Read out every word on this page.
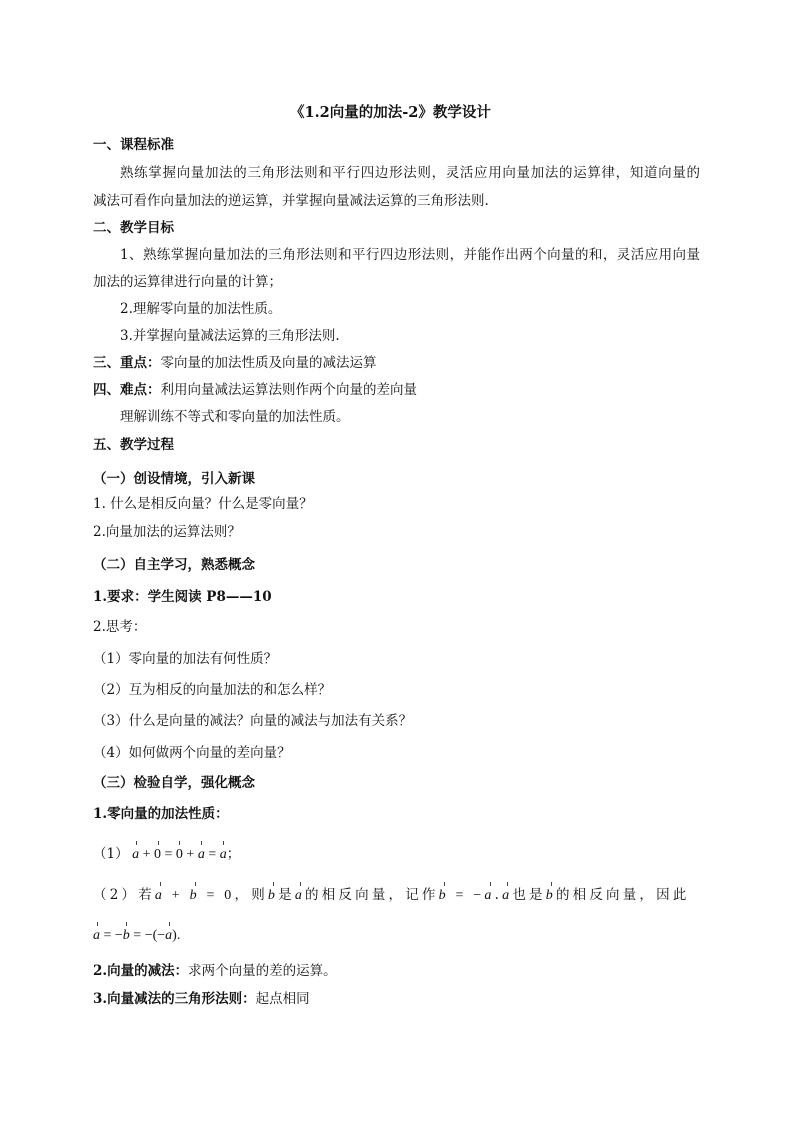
《1.2向量的加法-2》教学设计
一、课程标准
熟练掌握向量加法的三角形法则和平行四边形法则，灵活应用向量加法的运算律，知道向量的
减法可看作向量加法的逆运算，并掌握向量减法运算的三角形法则.
二、教学目标
1、熟练掌握向量加法的三角形法则和平行四边形法则，并能作出两个向量的和，灵活应用向量
加法的运算律进行向量的计算；
2.理解零向量的加法性质。
3.并掌握向量减法运算的三角形法则.
三、重点：零向量的加法性质及向量的减法运算
四、难点：利用向量减法运算法则作两个向量的差向量
理解训练不等式和零向量的加法性质。
五、教学过程
（一）创设情境，引入新课
1. 什么是相反向量？什么是零向量？
2.向量加法的运算法则？
（二）自主学习，熟悉概念
1.要求：学生阅读 P8——10
2.思考：
（1）零向量的加法有何性质？
（2）互为相反的向量加法的和怎么样？
（3）什么是向量的减法？向量的减法与加法有关系？
（4）如何做两个向量的差向量？
（三）检验自学，强化概念
1.零向量的加法性质：
（1） a + 0 = 0 + a = a；
（2）若a + b = 0，则b是a的相反向量，记作b = −a.a也是b的相反向量，因此
a = −b = −(−a).
2.向量的减法：求两个向量的差的运算。
3.向量减法的三角形法则：起点相同
